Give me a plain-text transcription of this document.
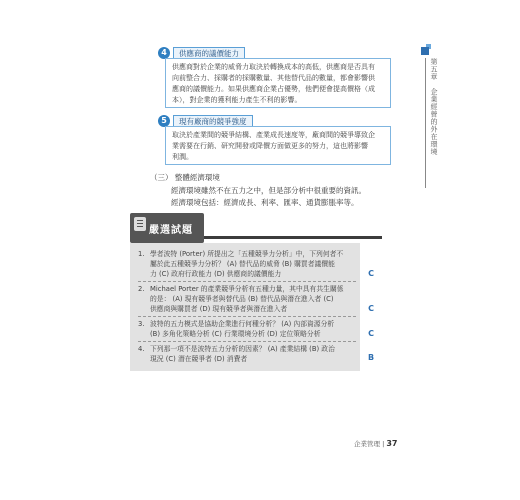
4	供應商的議價能力

供應商對於企業的威脅力取決於轉換成本的高低，供應商是否具有

向前整合力、採購者的採購數量、其他替代品的數量，都會影響供

應商的議價能力。如果供應商企業占優勢，他們便會提高價格（成

本），對企業的獲利能力產生不利的影響。

5	現有廠商的競爭強度

取決於產業間的競爭結構、產業成長速度等，廠商間的競爭導致企

業需要在行銷、研究開發或降價方面做更多的努力，這也將影響

利潤。

（三） 整體經濟環境
經濟環境雖然不在五力之中，但是部分析中很重要的資訊。
經濟環境包括：經濟成長、利率、匯率、通貨膨脹率等。
嚴選試題
1. 學者波特 (Porter) 所提出之「五種競爭力分析」中，下列何者不
屬於此五種競爭力分析？ (A) 替代品的威脅 (B) 購買者議價能
力 (C) 政府行政能力 (D) 供應商的議價能力
2. Michael Porter 的產業競爭分析有五種力量，其中具有共生關係
的是： (A) 現有競爭者與替代品 (B) 替代品與潛在進入者 (C)
供應商與購買者 (D) 現有競爭者與潛在進入者
3. 波特的五力模式是協助企業進行何種分析？ (A) 內部資源分析
(B) 多角化策略分析 (C) 行業環境分析 (D) 定位策略分析
4. 下列那一項不是波特五力分析的因素？ (A) 產業結構 (B) 政治
現況 (C) 潛在競爭者 (D) 消費者
C
C
C
B
第五章　企業經營的外在環境
企業管理 | 37
